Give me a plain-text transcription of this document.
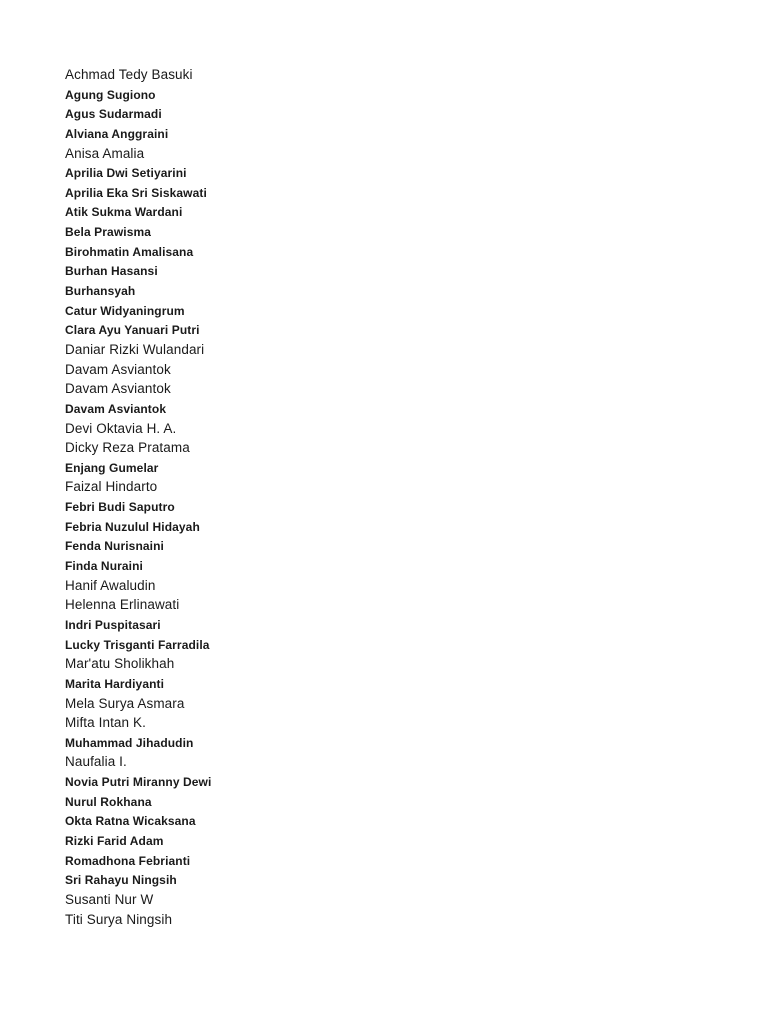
Achmad Tedy Basuki
Agung Sugiono
Agus Sudarmadi
Alviana Anggraini
Anisa Amalia
Aprilia Dwi Setiyarini
Aprilia Eka Sri Siskawati
Atik Sukma Wardani
Bela Prawisma
Birohmatin Amalisana
Burhan Hasansi
Burhansyah
Catur Widyaningrum
Clara Ayu Yanuari Putri
Daniar Rizki Wulandari
Davam Asviantok
Davam Asviantok
Davam Asviantok
Devi Oktavia H. A.
Dicky Reza Pratama
Enjang Gumelar
Faizal Hindarto
Febri Budi Saputro
Febria Nuzulul Hidayah
Fenda Nurisnaini
Finda Nuraini
Hanif Awaludin
Helenna Erlinawati
Indri Puspitasari
Lucky Trisganti Farradila
Mar'atu Sholikhah
Marita Hardiyanti
Mela Surya Asmara
Mifta Intan K.
Muhammad Jihadudin
Naufalia I.
Novia Putri Miranny Dewi
Nurul Rokhana
Okta Ratna Wicaksana
Rizki Farid Adam
Romadhona Febrianti
Sri Rahayu Ningsih
Susanti Nur W
Titi Surya Ningsih
